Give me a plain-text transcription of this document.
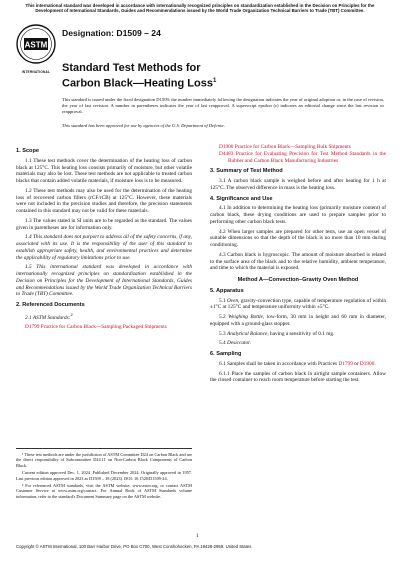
This international standard was developed in accordance with internationally recognized principles on standardization established in the Decision on Principles for the Development of International Standards, Guides and Recommendations issued by the World Trade Organization Technical Barriers to Trade (TBT) Committee.
ASTM
INTERNATIONAL
Designation: D1509 – 24
Standard Test Methods for
Carbon Black—Heating Loss$^1$
This standard is issued under the fixed designation D1509; the number immediately following the designation indicates the year of original adoption or, in the case of revision, the year of last revision. A number in parentheses indicates the year of last reapproval. A superscript epsilon (ε) indicates an editorial change since the last revision or reapproval.
This standard has been approved for use by agencies of the U.S. Department of Defense.
1. Scope
1.1 These test methods cover the determination of the heating loss of carbon black at 125°C. This heating loss consists primarily of moisture, but other volatile materials may also be lost. These test methods are not applicable to treated carbon blacks that contain added volatile materials, if moisture loss is to be measured.
1.2 These test methods may also be used for the determination of the heating loss of recovered carbon fillers (rCF/rCB) at 125°C. However, these materials were not included in the precision studies and therefore, the precision statements contained in this standard may not be valid for these materials.
1.3 The values stated in SI units are to be regarded as the standard. The values given in parentheses are for information only.
1.4 This standard does not purport to address all of the safety concerns, if any, associated with its use. It is the responsibility of the user of this standard to establish appropriate safety, health, and environmental practices and determine the applicability of regulatory limitations prior to use.
1.5 This international standard was developed in accordance with internationally recognized principles on standardization established in the Decision on Principles for the Development of International Standards, Guides and Recommendations issued by the World Trade Organization Technical Barriers to Trade (TBT) Committee.
2. Referenced Documents
2.1 ASTM Standards:$^2$
D1799 Practice for Carbon Black—Sampling Packaged Shipments
D1900 Practice for Carbon Black—Sampling Bulk Shipments
D4483 Practice for Evaluating Precision for Test Method Standards in the Rubber and Carbon Black Manufacturing Industries
3. Summary of Test Method
3.1 A carbon black sample is weighed before and after heating for 1 h at 125°C. The observed difference in mass is the heating loss.
4. Significance and Use
4.1 In addition to determining the heating loss (primarily moisture content) of carbon black, these drying conditions are used to prepare samples prior to performing other carbon black tests.
4.2 When larger samples are prepared for other tests, use an open vessel of suitable dimensions so that the depth of the black is no more than 10 mm during conditioning.
4.3 Carbon black is hygroscopic. The amount of moisture absorbed is related to the surface area of the black and to the relative humidity, ambient temperature, and time to which the material is exposed.
Method A—Convection–Gravity Oven Method
5. Apparatus
5.1 Oven, gravity-convection type, capable of temperature regulation of within ±1°C at 125°C and temperature uniformity within ±5°C.
5.2 Weighing Bottle, low-form, 30 mm in height and 60 mm in diameter, equipped with a ground-glass stopper.
5.3 Analytical Balance, having a sensitivity of 0.1 mg.
5.4 Desiccator.
6. Sampling
6.1 Samples shall be taken in accordance with Practices D1799 or D1900.
6.1.1 Place the samples of carbon black in airtight sample containers. Allow the closed container to reach room temperature before starting the test.
¹ These test methods are under the jurisdiction of ASTM Committee D24 on Carbon Black and are the direct responsibility of Subcommittee D24.11 on Non-Carbon Black Components of Carbon Black.
Current edition approved Dec. 1, 2024. Published December 2024. Originally approved in 1957. Last previous edition approved in 2023 as D1509 – 18 (2023). DOI: 10.1520/D1509-24.
² For referenced ASTM standards, visit the ASTM website, www.astm.org, or contact ASTM Customer Service at www.astm.org/contact. For Annual Book of ASTM Standards volume information, refer to the standard's Document Summary page on the ASTM website.
1
Copyright © ASTM International, 100 Barr Harbor Drive, PO Box C700, West Conshohocken, PA 19428-2959. United States
